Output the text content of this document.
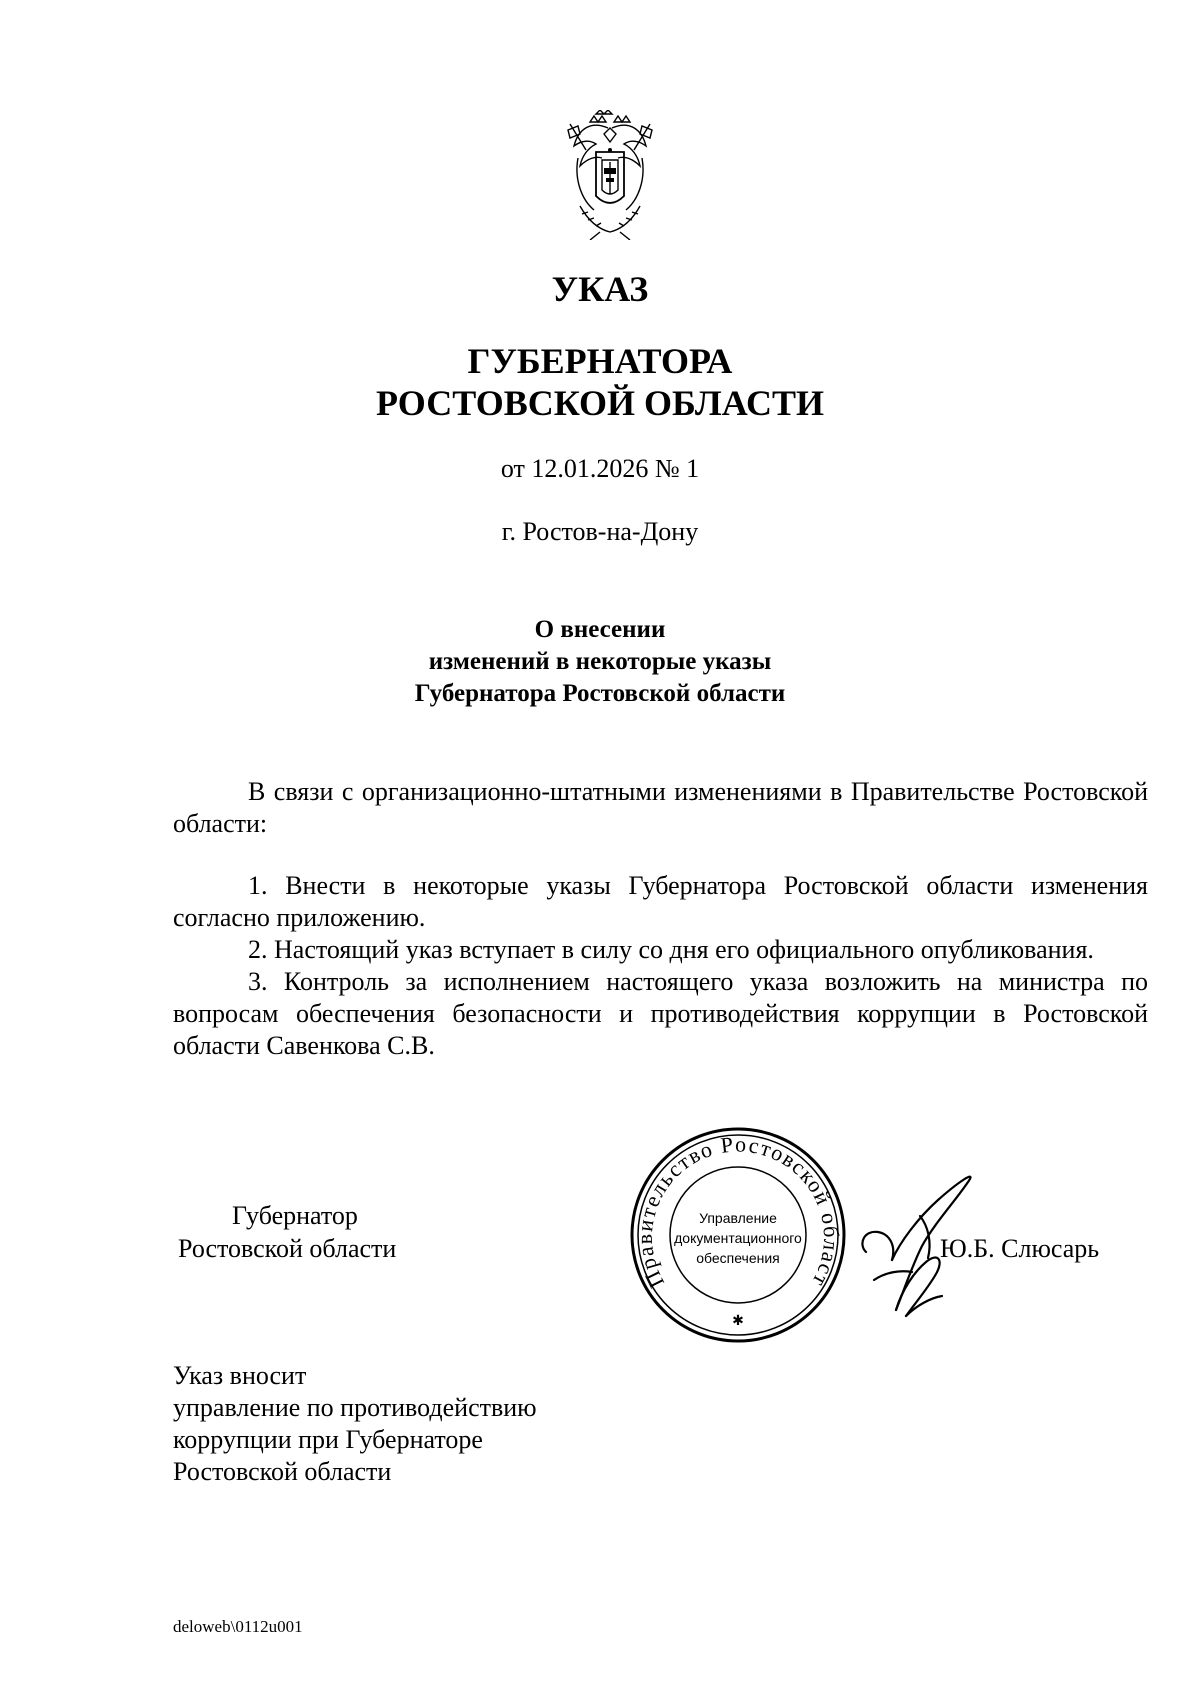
УКАЗ
ГУБЕРНАТОРА
РОСТОВСКОЙ ОБЛАСТИ
от 12.01.2026 № 1
г. Ростов-на-Дону
О внесении
изменений в некоторые указы
Губернатора Ростовской области

В связи с организационно-штатными изменениями в Правительстве Ростовской области:

1. Внести в некоторые указы Губернатора Ростовской области изменения согласно приложению.

2. Настоящий указ вступает в силу со дня его официального опубликования.

3. Контроль за исполнением настоящего указа возложить на министра по вопросам обеспечения безопасности и противодействия коррупции в Ростовской области Савенкова С.В.

Губернатор
Ростовской области
Правительство Ростовской област
Управление
документационного
обеспечения
✱
Ю.Б. Слюсарь
Указ вносит
управление по противодействию
коррупции при Губернаторе
Ростовской области
deloweb\0112u001
